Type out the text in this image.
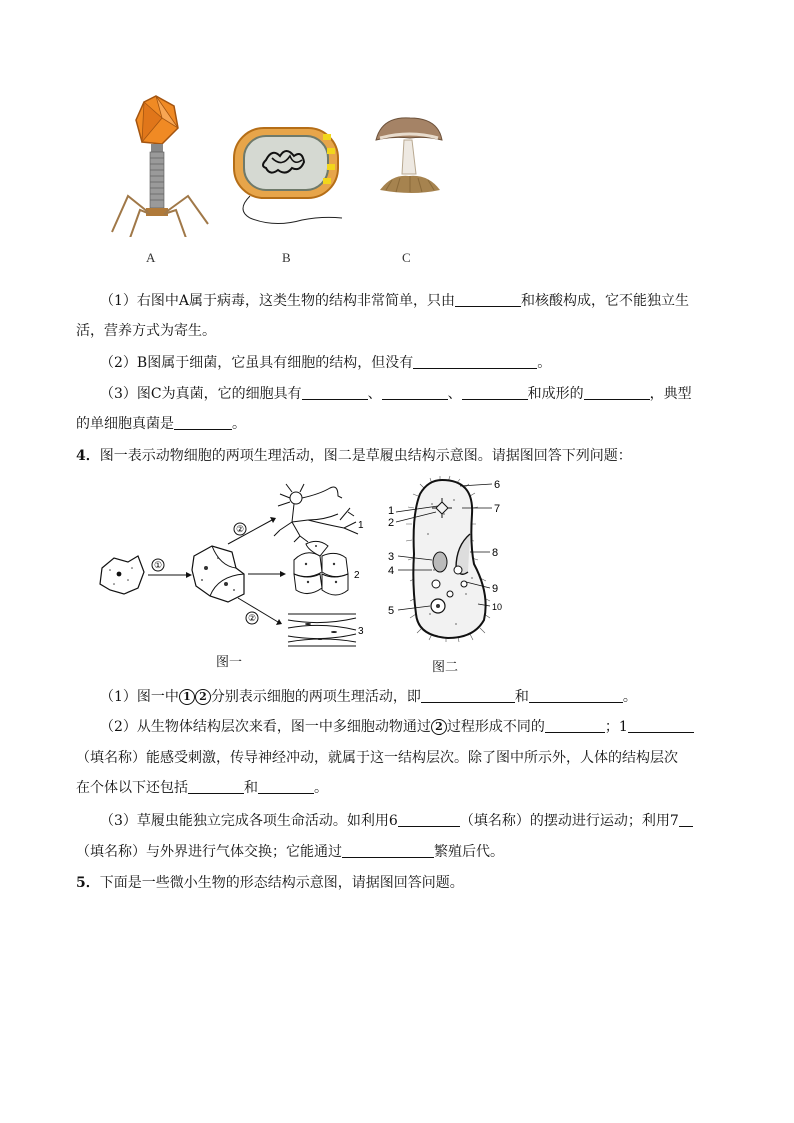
A	B	C
（1）右图中A属于病毒，这类生物的结构非常简单，只由	和核酸构成，它不能独立生
活，营养方式为寄生。
（2）B图属于细菌，它虽具有细胞的结构，但没有	。
（3）图C为真菌，它的细胞具有	、	、	和成形的	，典型
的单细胞真菌是	。
4．图一表示动物细胞的两项生理活动，图二是草履虫结构示意图。请据图回答下列问题：
①
②
②
1
2
3
图一
1
2
3
4
5
6
7
8
9
10
图二
（1）图一中 1 2 分别表示细胞的两项生理活动，即	和	。
（2）从生物体结构层次来看，图一中多细胞动物通过 2 过程形成不同的	；1
（填名称）能感受刺激，传导神经冲动，就属于这一结构层次。除了图中所示外，人体的结构层次
在个体以下还包括	和	。
（3）草履虫能独立完成各项生命活动。如利用6	（填名称）的摆动进行运动；利用7
（填名称）与外界进行气体交换；它能通过	繁殖后代。
5．下面是一些微小生物的形态结构示意图，请据图回答问题。
